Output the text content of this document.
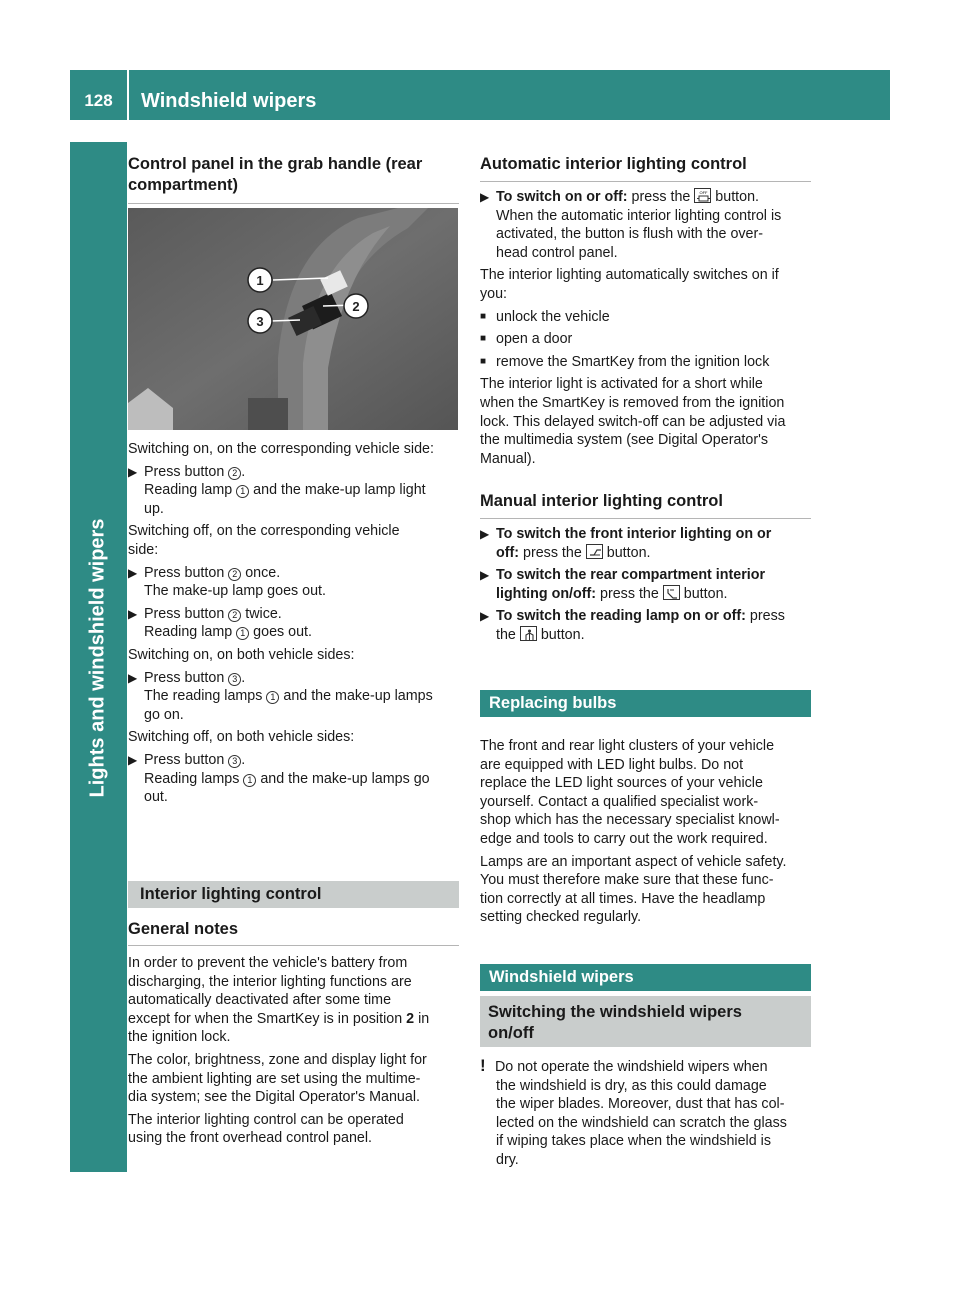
128	Windshield wipers
Lights and windshield wipers
1
2
3
Control panel in the grab handle (rear
compartment)

Switching on, on the corresponding vehicle side:

▶ Press button 2 .
Reading lamp 1 and the make-up lamp light
up.

Switching off, on the corresponding vehicle

side:

▶ Press button 2 once.
The make-up lamp goes out.
▶ Press button 2 twice.
Reading lamp 1 goes out.

Switching on, on both vehicle sides:

▶ Press button 3 .
The reading lamps 1 and the make-up lamps
go on.

Switching off, on both vehicle sides:

▶ Press button 3 .
Reading lamps 1 and the make-up lamps go
out.
Interior lighting control
General notes

In order to prevent the vehicle's battery from

discharging, the interior lighting functions are

automatically deactivated after some time

except for when the SmartKey is in position 2 in

the ignition lock.

The color, brightness, zone and display light for

the ambient lighting are set using the multime-

dia system; see the Digital Operator's Manual.

The interior lighting control can be operated

using the front overhead control panel.

Automatic interior lighting control
▶ To switch on or off: press the OFF button.
When the automatic interior lighting control is
activated, the button is flush with the over-
head control panel.

The interior lighting automatically switches on if

you:

■ unlock the vehicle
■ open a door
■ remove the SmartKey from the ignition lock

The interior light is activated for a short while

when the SmartKey is removed from the ignition

lock. This delayed switch-off can be adjusted via

the multimedia system (see Digital Operator's

Manual).

Manual interior lighting control
▶ To switch the front interior lighting on or
off: press the
button.
▶ To switch the rear compartment interior
lighting on/off: press the
button.
▶ To switch the reading lamp on or off: press
the
button.
Replacing bulbs

The front and rear light clusters of your vehicle

are equipped with LED light bulbs. Do not

replace the LED light sources of your vehicle

yourself. Contact a qualified specialist work-

shop which has the necessary specialist knowl-

edge and tools to carry out the work required.

Lamps are an important aspect of vehicle safety.

You must therefore make sure that these func-

tion correctly at all times. Have the headlamp

setting checked regularly.

Windshield wipers
Switching the windshield wipers
on/off

! Do not operate the windshield wipers when

the windshield is dry, as this could damage

the wiper blades. Moreover, dust that has col-

lected on the windshield can scratch the glass

if wiping takes place when the windshield is

dry.
